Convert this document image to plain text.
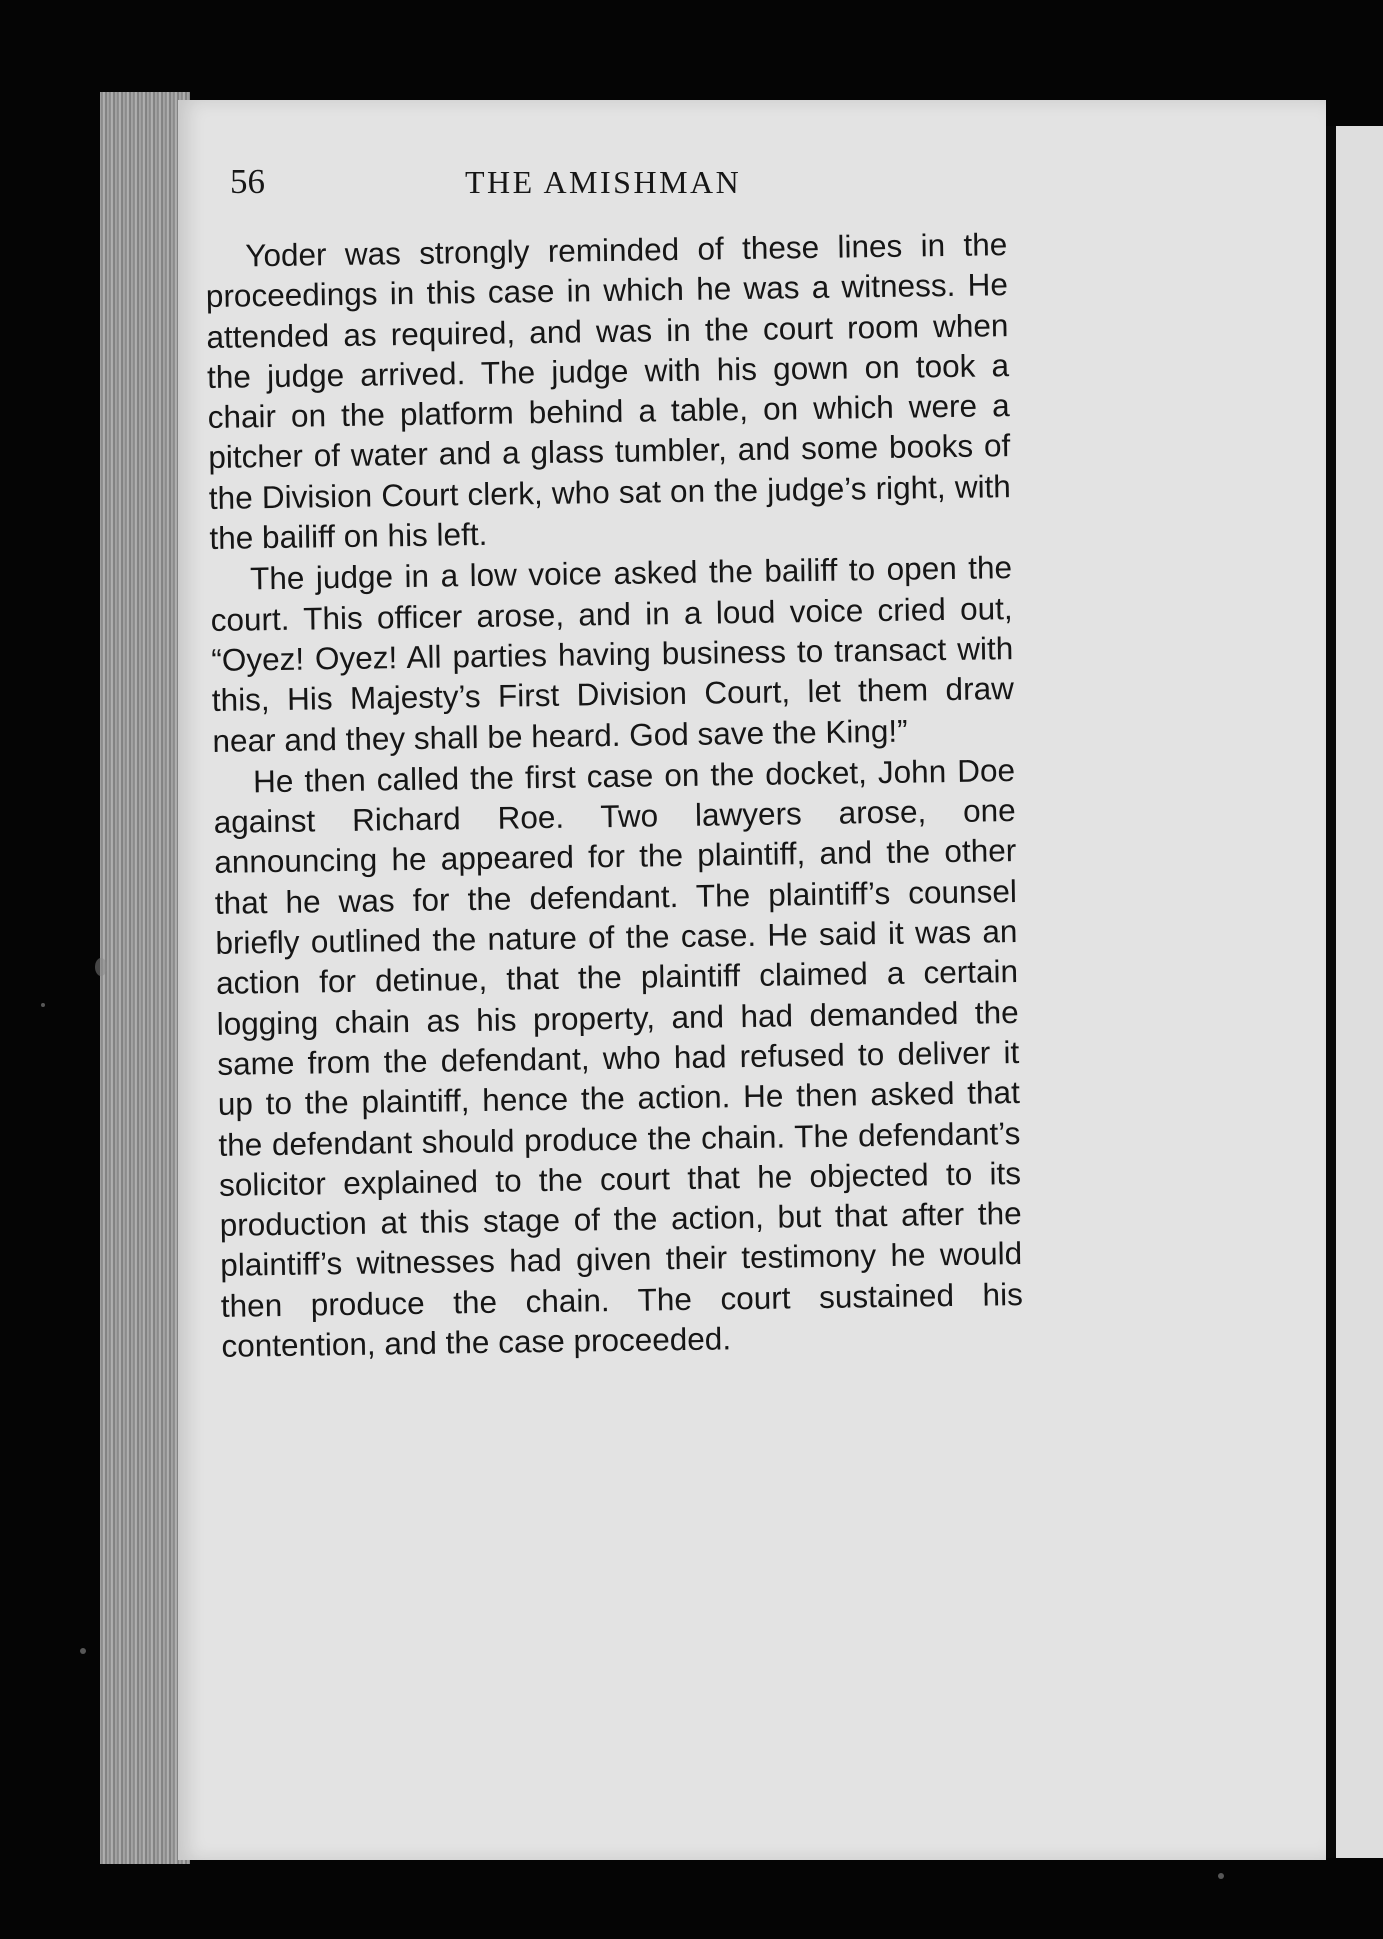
56	THE AMISHMAN

Yoder was strongly reminded of these lines in the proceedings in this case in which he was a witness. He attended as required, and was in the court room when the judge arrived. The judge with his gown on took a chair on the platform behind a table, on which were a pitcher of water and a glass tumbler, and some books of the Division Court clerk, who sat on the judge’s right, with the bailiff on his left.

The judge in a low voice asked the bailiff to open the court. This officer arose, and in a loud voice cried out, “Oyez! Oyez! All parties having business to transact with this, His Majesty’s First Division Court, let them draw near and they shall be heard. God save the King!”

He then called the first case on the docket, John Doe against Richard Roe. Two lawyers arose, one announcing he appeared for the plaintiff, and the other that he was for the defendant. The plaintiff’s counsel briefly outlined the nature of the case. He said it was an action for detinue, that the plaintiff claimed a certain logging chain as his property, and had demanded the same from the defendant, who had refused to deliver it up to the plaintiff, hence the action. He then asked that the defendant should produce the chain. The defendant’s solicitor explained to the court that he objected to its production at this stage of the action, but that after the plaintiff’s witnesses had given their testimony he would then produce the chain. The court sustained his contention, and the case proceeded.
